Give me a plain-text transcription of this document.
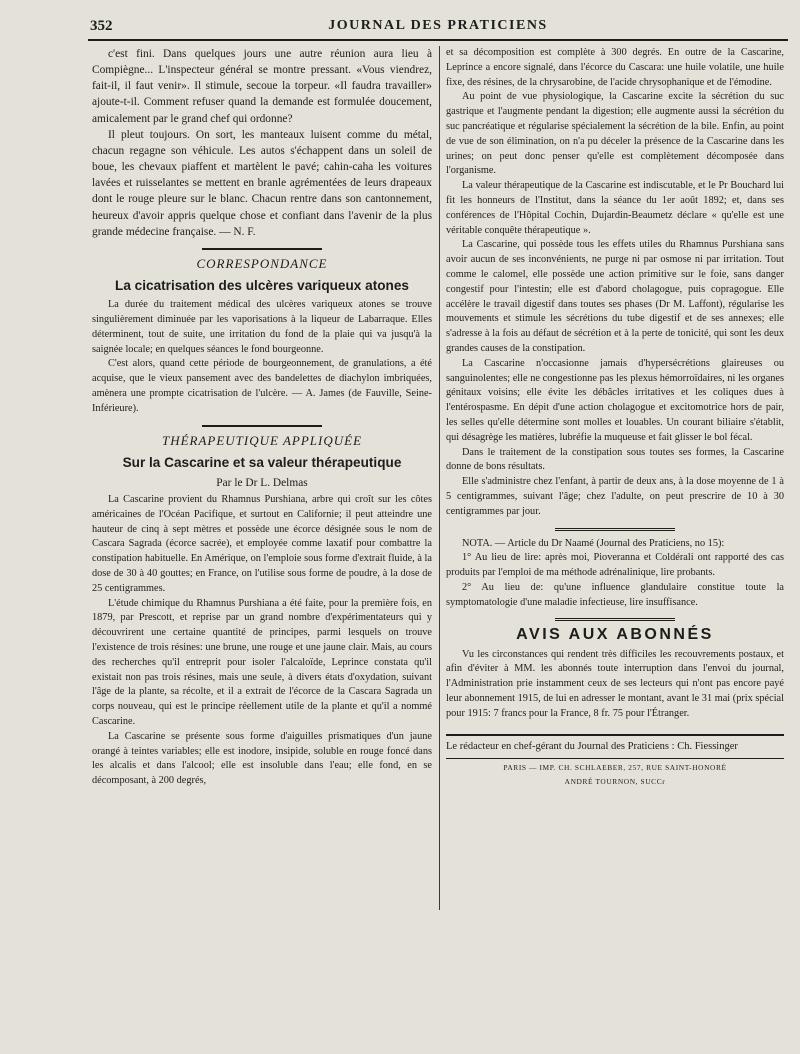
352	JOURNAL DES PRATICIENS

c'est fini. Dans quelques jours une autre réunion aura lieu à Compiègne... L'inspecteur général se montre pressant. «Vous viendrez, fait-il, il faut venir». Il stimule, secoue la torpeur. «Il faudra travailler» ajoute-t-il. Comment refuser quand la demande est formulée doucement, amicalement par le grand chef qui ordonne?

Il pleut toujours. On sort, les manteaux luisent comme du métal, chacun regagne son véhicule. Les autos s'échappent dans un soleil de boue, les chevaux piaffent et martèlent le pavé; cahin-caha les voitures lavées et ruisselantes se mettent en branle agrémentées de leurs drapeaux dont le rouge pleure sur le blanc. Chacun rentre dans son cantonnement, heureux d'avoir appris quelque chose et confiant dans l'avenir de la plus grande médecine française. — N. F.

CORRESPONDANCE
La cicatrisation des ulcères variqueux atones

La durée du traitement médical des ulcères variqueux atones se trouve singulièrement diminuée par les vaporisations à la liqueur de Labarraque. Elles déterminent, tout de suite, une irritation du fond de la plaie qui va jusqu'à la saignée locale; en quelques séances le fond bourgeonne.

C'est alors, quand cette période de bourgeonnement, de granulations, a été acquise, que le vieux pansement avec des bandelettes de diachylon imbriquées, amènera une prompte cicatrisation de l'ulcère. — A. James (de Fauville, Seine-Inférieure).

THÉRAPEUTIQUE APPLIQUÉE
Sur la Cascarine et sa valeur thérapeutique
Par le Dr L. Delmas

La Cascarine provient du Rhamnus Purshiana, arbre qui croît sur les côtes américaines de l'Océan Pacifique, et surtout en Californie; il peut atteindre une hauteur de cinq à sept mètres et possède une écorce désignée sous le nom de Cascara Sagrada (écorce sacrée), et employée comme laxatif pour combattre la constipation habituelle. En Amérique, on l'emploie sous forme d'extrait fluide, à la dose de 30 à 40 gouttes; en France, on l'utilise sous forme de poudre, à la dose de 25 centigrammes.

L'étude chimique du Rhamnus Purshiana a été faite, pour la première fois, en 1879, par Prescott, et reprise par un grand nombre d'expérimentateurs qui y découvrirent une certaine quantité de principes, parmi lesquels on trouve l'existence de trois résines: une brune, une rouge et une jaune clair. Mais, au cours des recherches qu'il entreprit pour isoler l'alcaloïde, Leprince constata qu'il existait non pas trois résines, mais une seule, à divers états d'oxydation, suivant l'âge de la plante, sa récolte, et il a extrait de l'écorce de la Cascara Sagrada un corps nouveau, qui est le principe réellement utile de la plante et qu'il a nommé Cascarine.

La Cascarine se présente sous forme d'aiguilles prismatiques d'un jaune orangé à teintes variables; elle est inodore, insipide, soluble en rouge foncé dans les alcalis et dans l'alcool; elle est insoluble dans l'eau; elle fond, en se décomposant, à 200 degrés,

et sa décomposition est complète à 300 degrés. En outre de la Cascarine, Leprince a encore signalé, dans l'écorce du Cascara: une huile volatile, une huile fixe, des résines, de la chrysarobine, de l'acide chrysophanique et de l'émodine.

Au point de vue physiologique, la Cascarine excite la sécrétion du suc gastrique et l'augmente pendant la digestion; elle augmente aussi la sécrétion du suc pancréatique et régularise spécialement la sécrétion de la bile. Enfin, au point de vue de son élimination, on n'a pu déceler la présence de la Cascarine dans les urines; on peut donc penser qu'elle est complètement décomposée dans l'organisme.

La valeur thérapeutique de la Cascarine est indiscutable, et le Pr Bouchard lui fit les honneurs de l'Institut, dans la séance du 1er août 1892; et, dans ses conférences de l'Hôpital Cochin, Dujardin-Beaumetz déclare « qu'elle est une véritable conquête thérapeutique ».

La Cascarine, qui possède tous les effets utiles du Rhamnus Purshiana sans avoir aucun de ses inconvénients, ne purge ni par osmose ni par irritation. Tout comme le calomel, elle possède une action primitive sur le foie, sans danger congestif pour l'intestin; elle est d'abord cholagogue, puis copragogue. Elle accélère le travail digestif dans toutes ses phases (Dr M. Laffont), régularise les mouvements et stimule les sécrétions du tube digestif et de ses annexes; elle s'adresse à la fois au défaut de sécrétion et à la perte de tonicité, qui sont les deux grandes causes de la constipation.

La Cascarine n'occasionne jamais d'hypersécrétions glaireuses ou sanguinolentes; elle ne congestionne pas les plexus hémorroïdaires, ni les organes génitaux voisins; elle évite les débâcles irritatives et les coliques dues à l'entérospasme. En dépit d'une action cholagogue et excitomotrice hors de pair, les selles qu'elle détermine sont molles et louables. Un courant biliaire s'établit, qui désagrège les matières, lubréfie la muqueuse et fait glisser le bol fécal.

Dans le traitement de la constipation sous toutes ses formes, la Cascarine donne de bons résultats.

Elle s'administre chez l'enfant, à partir de deux ans, à la dose moyenne de 1 à 5 centigrammes, suivant l'âge; chez l'adulte, on peut prescrire de 10 à 30 centigrammes par jour.

NOTA. — Article du Dr Naamé (Journal des Praticiens, no 15):

1° Au lieu de lire: après moi, Pioveranna et Coldérali ont rapporté des cas produits par l'emploi de ma méthode adrénalinique, lire probants.

2° Au lieu de: qu'une influence glandulaire constitue toute la symptomatologie d'une maladie infectieuse, lire insuffisance.

AVIS AUX ABONNÉS

Vu les circonstances qui rendent très difficiles les recouvrements postaux, et afin d'éviter à MM. les abonnés toute interruption dans l'envoi du journal, l'Administration prie instamment ceux de ses lecteurs qui n'ont pas encore payé leur abonnement 1915, de lui en adresser le montant, avant le 31 mai (prix spécial pour 1915: 7 francs pour la France, 8 fr. 75 pour l'Étranger.

Le rédacteur en chef-gérant du Journal des Praticiens : Ch. Fiessinger
PARIS — IMP. CH. SCHLAEBER, 257, RUE SAINT-HONORÉ
ANDRÉ TOURNON, SUCCr
